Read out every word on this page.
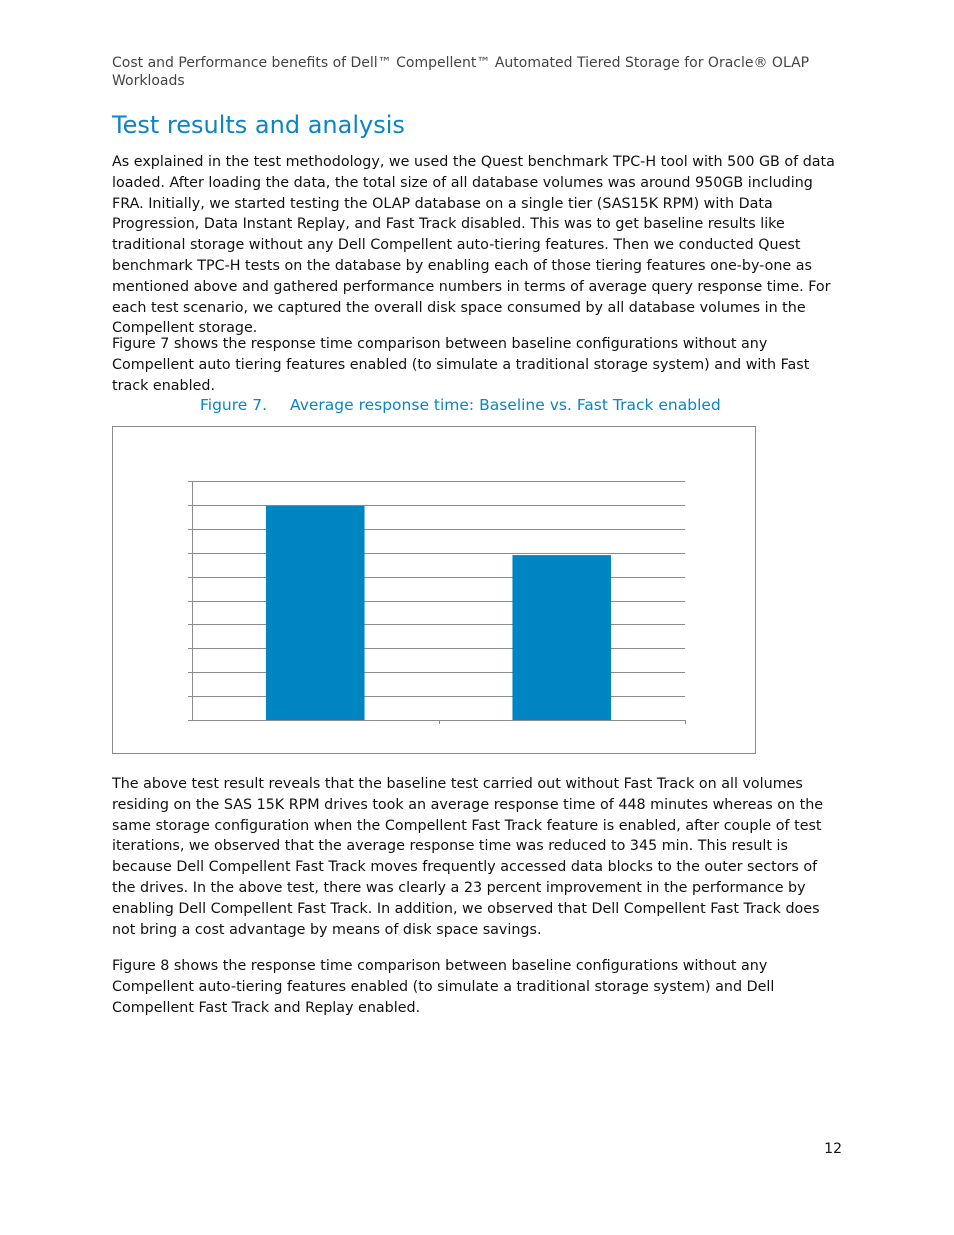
Cost and Performance benefits of Dell™ Compellent™ Automated Tiered Storage for Oracle® OLAP Workloads
Test results and analysis

As explained in the test methodology, we used the Quest benchmark TPC-H tool with 500 GB of data loaded. After loading the data, the total size of all database volumes was around 950GB including FRA. Initially, we started testing the OLAP database on a single tier (SAS15K RPM) with Data Progression, Data Instant Replay, and Fast Track disabled. This was to get baseline results like traditional storage without any Dell Compellent auto-tiering features. Then we conducted Quest benchmark TPC-H tests on the database by enabling each of those tiering features one-by-one as mentioned above and gathered performance numbers in terms of average query response time. For each test scenario, we captured the overall disk space consumed by all database volumes in the Compellent storage.

Figure 7 shows the response time comparison between baseline configurations without any Compellent auto tiering features enabled (to simulate a traditional storage system) and with Fast track enabled.

Figure 7. Average response time: Baseline vs. Fast Track enabled

The above test result reveals that the baseline test carried out without Fast Track on all volumes residing on the SAS 15K RPM drives took an average response time of 448 minutes whereas on the same storage configuration when the Compellent Fast Track feature is enabled, after couple of test iterations, we observed that the average response time was reduced to 345 min. This result is because Dell Compellent Fast Track moves frequently accessed data blocks to the outer sectors of the drives. In the above test, there was clearly a 23 percent improvement in the performance by enabling Dell Compellent Fast Track. In addition, we observed that Dell Compellent Fast Track does not bring a cost advantage by means of disk space savings.

Figure 8 shows the response time comparison between baseline configurations without any Compellent auto-tiering features enabled (to simulate a traditional storage system) and Dell Compellent Fast Track and Replay enabled.

12
